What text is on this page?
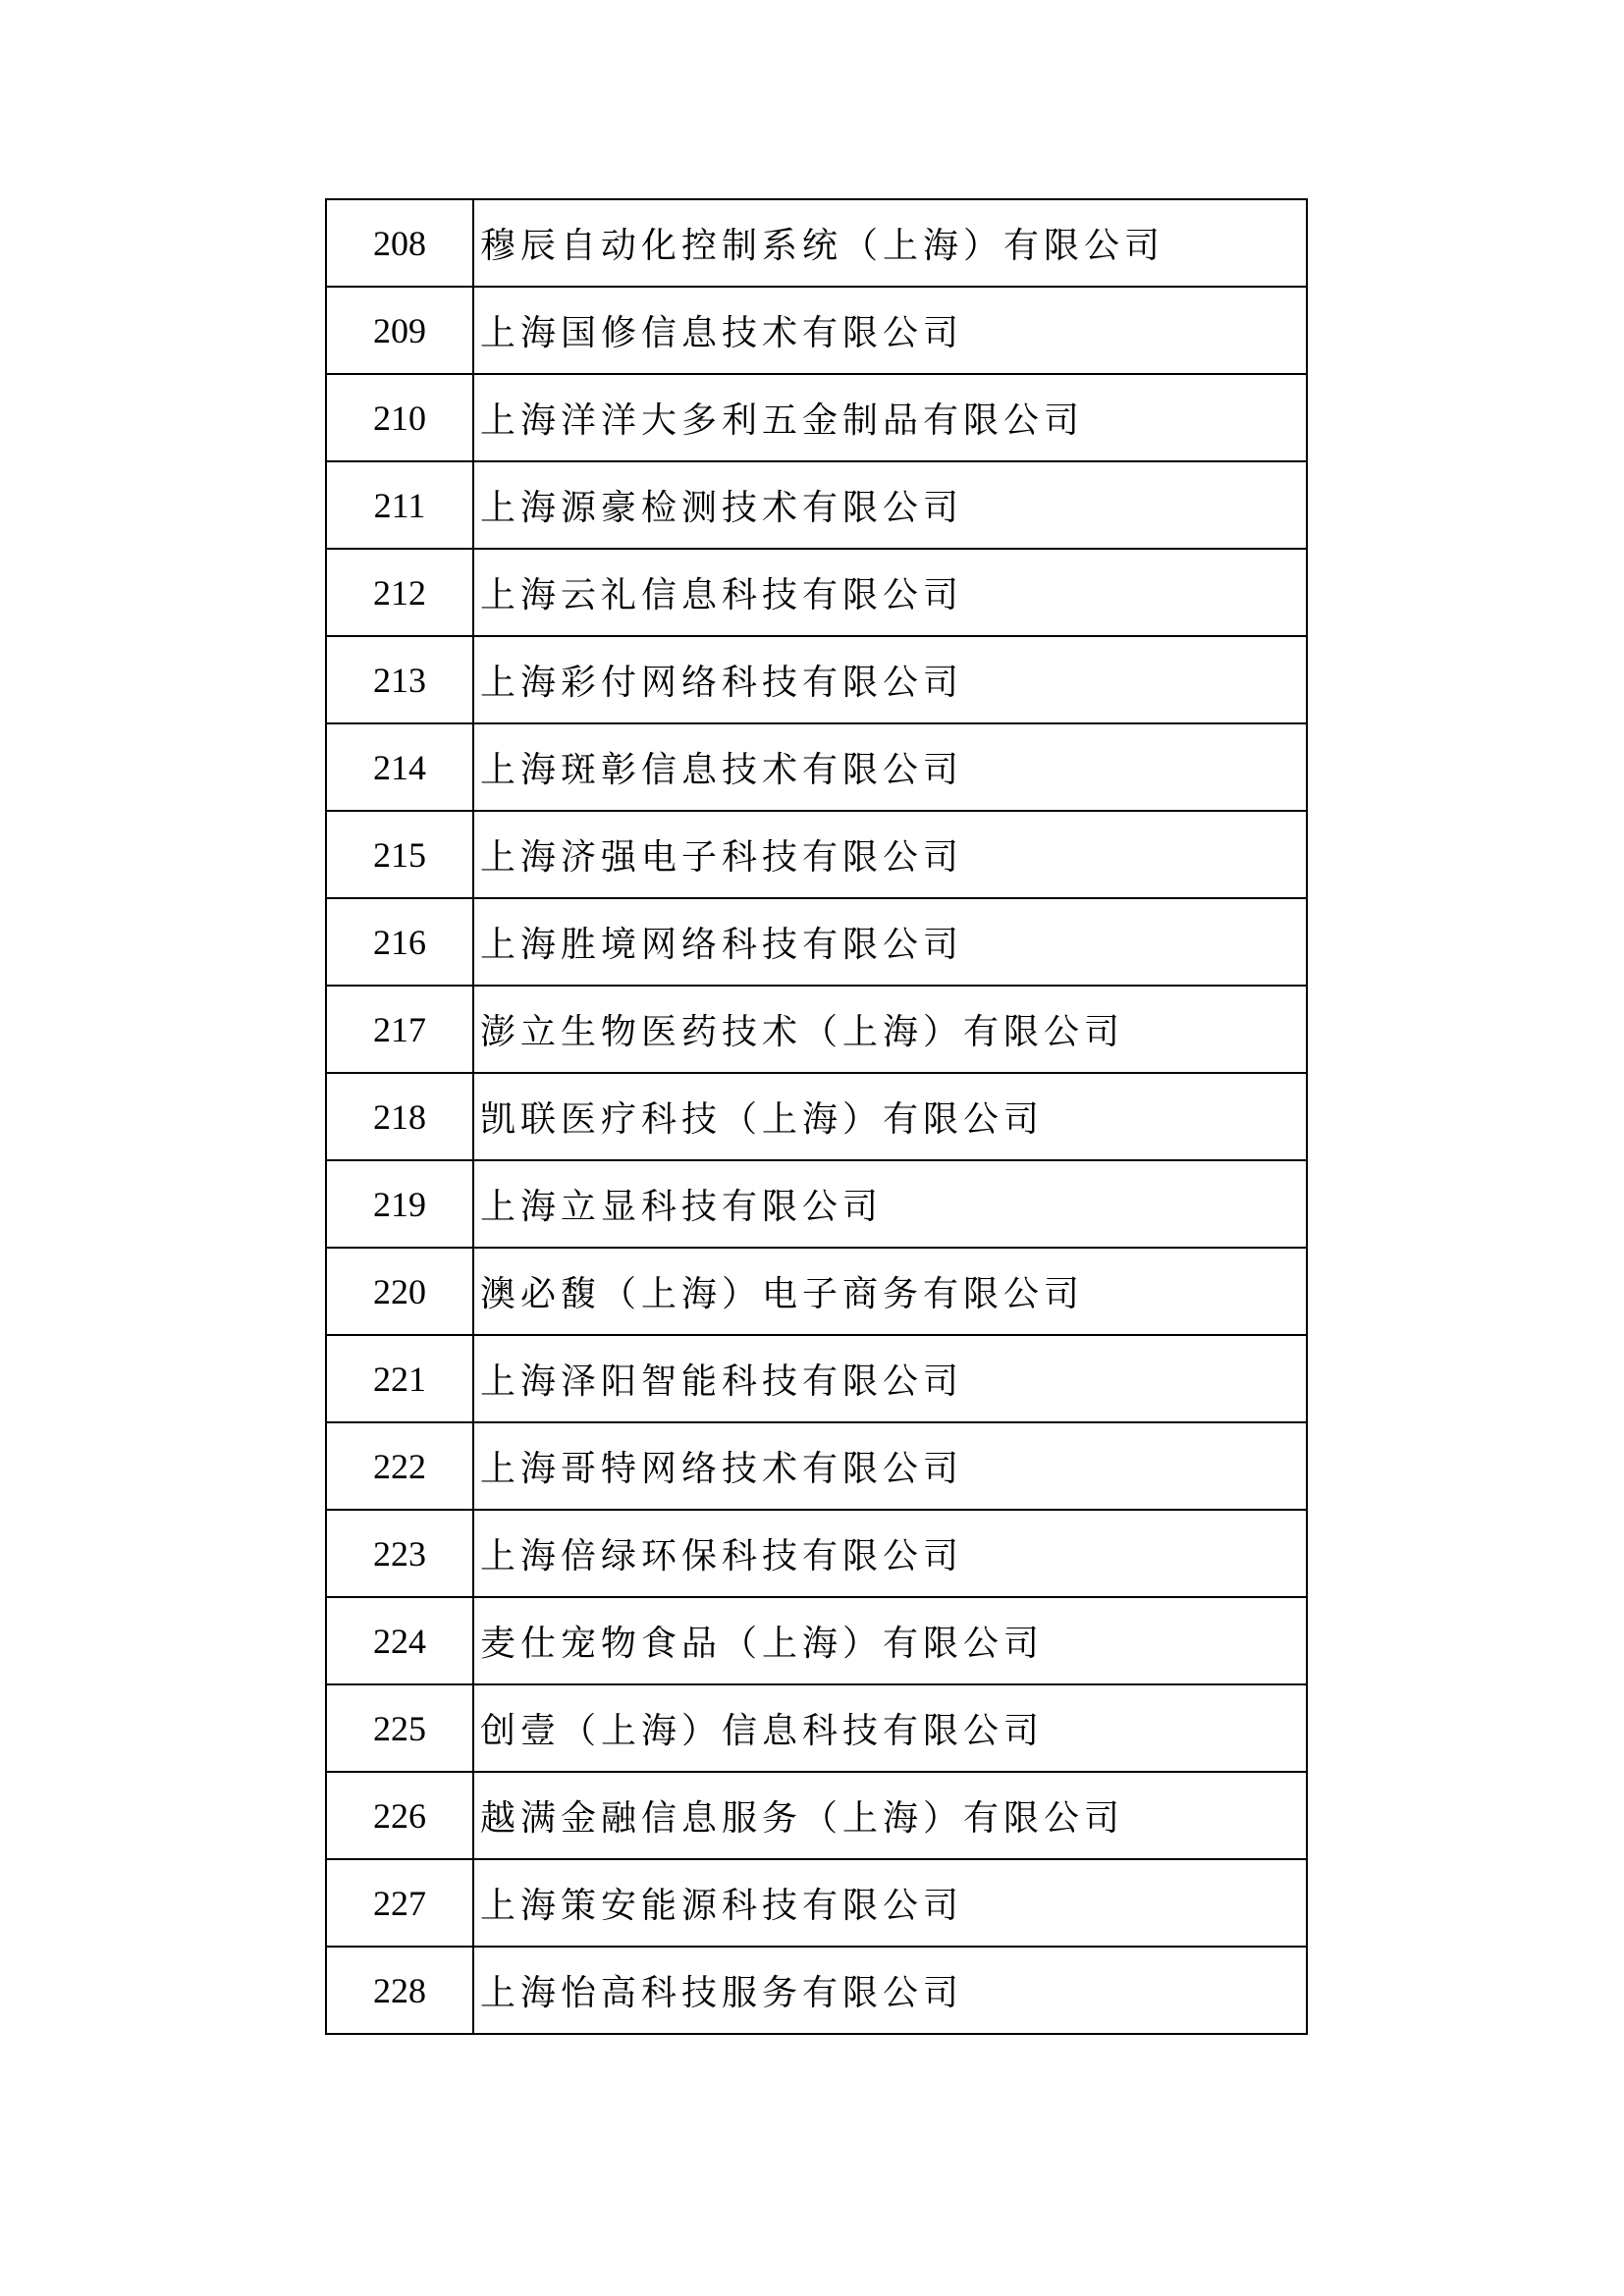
208	穆辰自动化控制系统（上海）有限公司
209	上海国修信息技术有限公司
210	上海洋洋大多利五金制品有限公司
211	上海源豪检测技术有限公司
212	上海云礼信息科技有限公司
213	上海彩付网络科技有限公司
214	上海斑彰信息技术有限公司
215	上海济强电子科技有限公司
216	上海胜境网络科技有限公司
217	澎立生物医药技术（上海）有限公司
218	凯联医疗科技（上海）有限公司
219	上海立显科技有限公司
220	澳必馥（上海）电子商务有限公司
221	上海泽阳智能科技有限公司
222	上海哥特网络技术有限公司
223	上海倍绿环保科技有限公司
224	麦仕宠物食品（上海）有限公司
225	创壹（上海）信息科技有限公司
226	越满金融信息服务（上海）有限公司
227	上海策安能源科技有限公司
228	上海怡高科技服务有限公司
